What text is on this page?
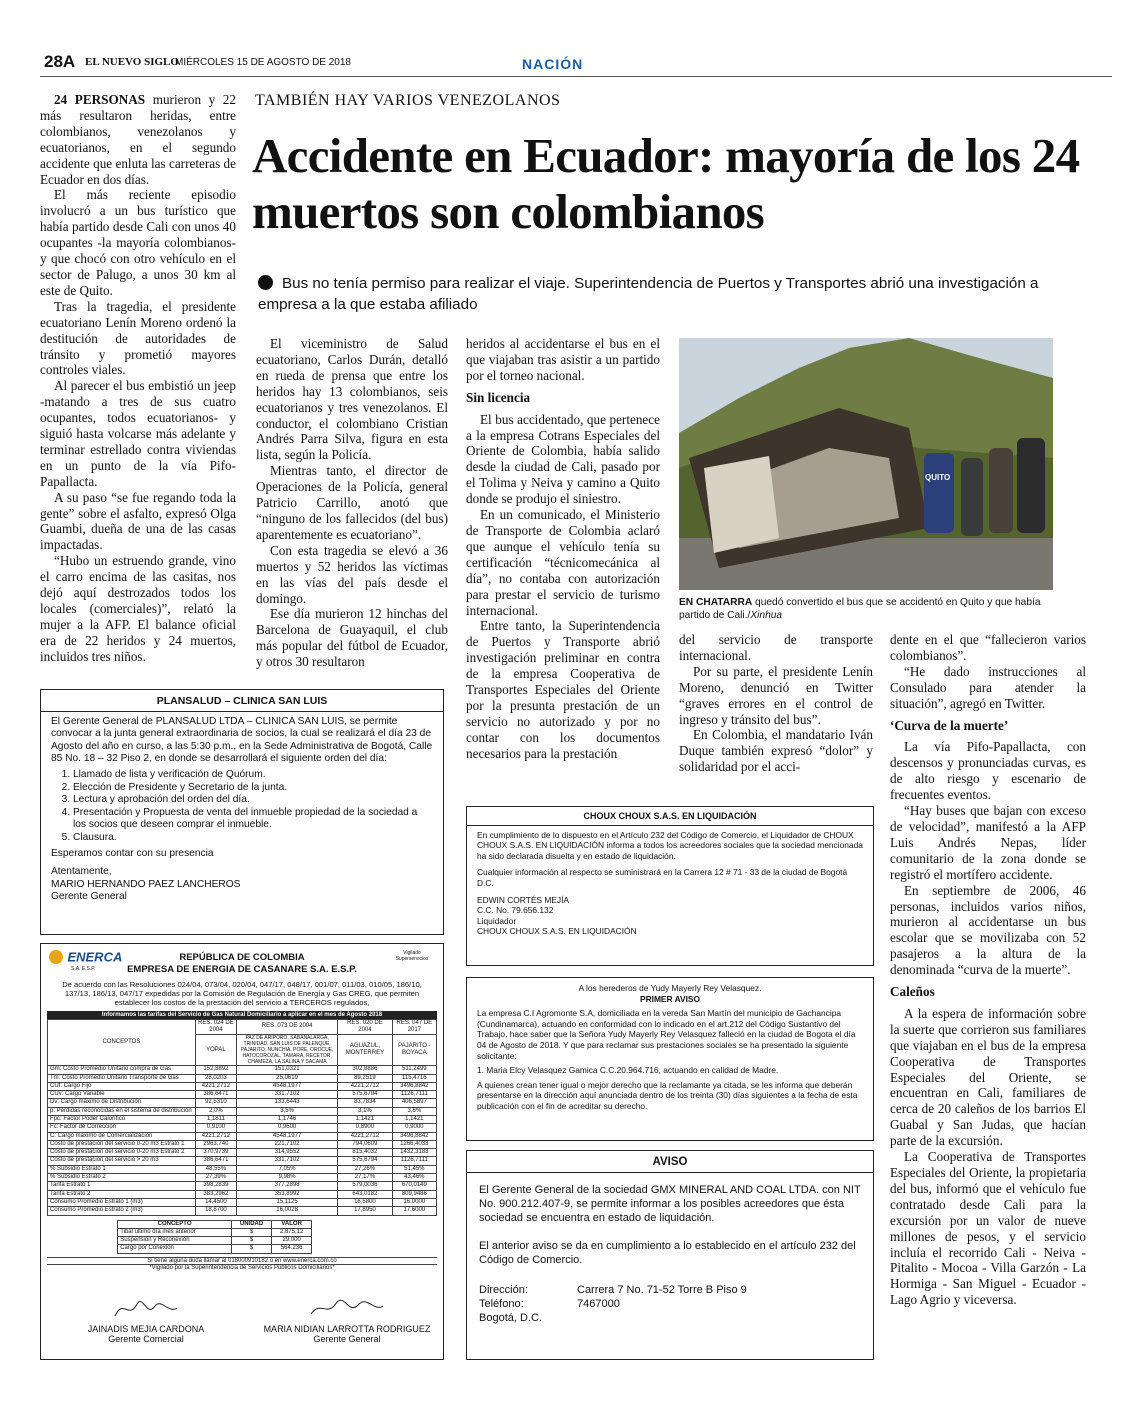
28A EL NUEVO SIGLO
MIÉRCOLES 15 DE AGOSTO DE 2018	NACIÓN
TAMBIÉN HAY VARIOS VENEZOLANOS
Accidente en Ecuador: mayoría de los 24 muertos son colombianos
Bus no tenía permiso para realizar el viaje. Superintendencia de Puertos y Transportes abrió una investigación a empresa a la que estaba afiliado

24 PERSONAS murieron y 22 más resultaron heridas, entre colombianos, venezolanos y ecuatorianos, en el segundo accidente que enluta las carreteras de Ecuador en dos días.

El más reciente episodio involucró a un bus turístico que había partido desde Cali con unos 40 ocupantes -la mayoría colombianos- y que chocó con otro vehículo en el sector de Palugo, a unos 30 km al este de Quito.

Tras la tragedia, el presidente ecuatoriano Lenín Moreno ordenó la destitución de autoridades de tránsito y prometió mayores controles viales.

Al parecer el bus embistió un jeep -matando a tres de sus cuatro ocupantes, todos ecuatorianos- y siguió hasta volcarse más adelante y terminar estrellado contra viviendas en un punto de la vía Pifo-Papallacta.

A su paso “se fue regando toda la gente” sobre el asfalto, expresó Olga Guambi, dueña de una de las casas impactadas.

“Hubo un estruendo grande, vino el carro encima de las casitas, nos dejó aquí destrozados todos los locales (comerciales)”, relató la mujer a la AFP. El balance oficial era de 22 heridos y 24 muertos, incluidos tres niños.

El viceministro de Salud ecuatoriano, Carlos Durán, detalló en rueda de prensa que entre los heridos hay 13 colombianos, seis ecuatorianos y tres venezolanos. El conductor, el colombiano Cristian Andrés Parra Silva, figura en esta lista, según la Policía.

Mientras tanto, el director de Operaciones de la Policía, general Patricio Carrillo, anotó que “ninguno de los fallecidos (del bus) aparentemente es ecuatoriano”.

Con esta tragedia se elevó a 36 muertos y 52 heridos las víctimas en las vías del país desde el domingo.

Ese día murieron 12 hinchas del Barcelona de Guayaquil, el club más popular del fútbol de Ecuador, y otros 30 resultaron

heridos al accidentarse el bus en el que viajaban tras asistir a un partido por el torneo nacional.

Sin licencia

El bus accidentado, que pertenece a la empresa Cotrans Especiales del Oriente de Colombia, había salido desde la ciudad de Cali, pasado por el Tolima y Neiva y camino a Quito donde se produjo el siniestro.

En un comunicado, el Ministerio de Transporte de Colombia aclaró que aunque el vehículo tenía su certificación “técnicomecánica al día”, no contaba con autorización para prestar el servicio de turismo internacional.

Entre tanto, la Superintendencia de Puertos y Transporte abrió investigación preliminar en contra de la empresa Cooperativa de Transportes Especiales del Oriente por la presunta prestación de un servicio no autorizado y por no contar con los documentos necesarios para la prestación

del servicio de transporte internacional.

Por su parte, el presidente Lenín Moreno, denunció en Twitter “graves errores en el control de ingreso y tránsito del bus”.

En Colombia, el mandatario Iván Duque también expresó “dolor” y solidaridad por el acci-

dente en el que “fallecieron varios colombianos”.

“He dado instrucciones al Consulado para atender la situación”, agregó en Twitter.

‘Curva de la muerte’

La vía Pifo-Papallacta, con descensos y pronunciadas curvas, es de alto riesgo y escenario de frecuentes eventos.

“Hay buses que bajan con exceso de velocidad”, manifestó a la AFP Luis Andrés Nepas, líder comunitario de la zona donde se registró el mortífero accidente.

En septiembre de 2006, 46 personas, incluidos varios niños, murieron al accidentarse un bus escolar que se movilizaba con 52 pasajeros a la altura de la denominada “curva de la muerte”.

Caleños

A la espera de información sobre la suerte que corrieron sus familiares que viajaban en el bus de la empresa Cooperativa de Transportes Especiales del Oriente, se encuentran en Cali, familiares de cerca de 20 caleños de los barrios El Guabal y San Judas, que hacían parte de la excursión.

La Cooperativa de Transportes Especiales del Oriente, la propietaria del bus, informó que el vehículo fue contratado desde Cali para la excursión por un valor de nueve millones de pesos, y el servicio incluía el recorrido Cali - Neiva - Pitalito - Mocoa - Villa Garzón - La Hormiga - San Miguel - Ecuador - Lago Agrio y viceversa.

QUITO
EN CHATARRA quedó convertido el bus que se accidentó en Quito y que había partido de Cali./Xinhua
PLANSALUD – CLINICA SAN LUIS
El Gerente General de PLANSALUD LTDA – CLINICA SAN LUIS, se permite convocar a la junta general extraordinaria de socios, la cual se realizará el día 23 de Agosto del año en curso, a las 5:30 p.m., en la Sede Administrativa de Bogotá, Calle 85 No. 18 – 32 Piso 2, en donde se desarrollará el siguiente orden del día:
1. Llamado de lista y verificación de Quórum.
2. Elección de Presidente y Secretario de la junta.
3. Lectura y aprobación del orden del día.
4. Presentación y Propuesta de venta del inmueble propiedad de la sociedad a los socios que deseen comprar el inmueble.
5. Clausura.
Esperamos contar con su presencia
Atentamente,
MARIO HERNANDO PAEZ LANCHEROS
Gerente General
ENERCA
S.A. E.S.P.
Vigilado Superservicios
REPÚBLICA DE COLOMBIA
EMPRESA DE ENERGIA DE CASANARE S.A. E.S.P.
De acuerdo con las Resoluciones 024/04, 073/04, 020/04, 047/17, 048/17, 001/07, 011/03, 010/05, 186/10, 137/13, 186/13, 047/17 expedidas por la Comisión de Regulación de Energía y Gas CREG, que permiten establecer los costos de la prestación del servicio a TERCEROS regulados,
Informamos las tarifas del Servicio de Gas Natural Domiciliario a aplicar en el mes de Agosto 2018
CONCEPTOS	RES. 024 DE 2004	RES. 073 DE 2004	RES. 020 DE 2004	RES. 047 DE 2017
	YOPAL	PAZ DE ARIPORO, SABANALARGA, TRINIDAD, SAN LUIS DE PALENQUE, PAJARITO, NUNCHIA, PORE, OROCUE, HATOCOROZAL, TAMARA, RECETOR, CHAMEZA, LA SALINA Y SACAMA	AGUAZUL, MONTERREY	PAJARITO - BOYACA
Gm: Costo Promedio Unitario compra de Gas	152,8892	151,0321	302,8886	511,2499
Tm: Costo Promedio Unitario Transporte de Gas	28,0203	25,0619	89,2519	115,4716
CUf: Cargo Fijo	4221,2712	4548,1977	4221,2712	3496,8842
CUv: Cargo Variable	386,6471	331,7102	575,6794	1126,7111
Dv: Cargo máximo de Distribución	92,5310	133,6443	83,7834	406,5897
p: Pérdidas reconocidas en el sistema de distribución	2,0%	3,5%	3,1%	3,6%
Fpc: Factor Poder Calorífico	1,1811	1,1746	1,1421	1,1421
Fc: Factor de Corrección	0,9100	0,9600	0,8900	0,9000
C: Cargo máximo de Comercialización	4221,2712	4548,1977	4221,2712	3496,8842
Costo de prestación del servicio 0-20 m3 Estrato 1	2963,740	221,7102	794,0609	1266,4033
Costo de prestación del servicio 0-20 m3 Estrato 2	370,9739	314,9552	815,4032	1432,3183
Costo de prestación del servicio > 20 m3	386,6471	331,7102	575,6794	1126,7111
% Subsidio Estrato 1	48,55%	7,05%	27,26%	51,45%
% Subsidio Estrato 2	27,39%	9,98%	27,17%	43,46%
Tarifa Estrato 1	398,2839	377,2898	579,0036	670,0149
Tarifa Estrato 2	383,2962	353,8992	643,0182	809,9486
Consumo Promedio Estrato 1 (m3)	14,4500	15,1125	16,5800	16,0000
Consumo Promedio Estrato 2 (m3)	18,8700	16,0028	17,8950	17,6000
CONCEPTO	UNIDAD	VALOR
Tibal último día mes anterior	$	2.875,12
Suspensión y Reconexión	$	29.000
Cargo por Conexión	$	564.236
Si tiene alguna duda llámar al 018000910182 o en www.enerca.com.co
*Vigilado por la Superintendencia de Servicios Públicos Domiciliarios*
JAINADIS MEJIA CARDONA
Gerente Comercial
MARIA NIDIAN LARROTTA RODRIGUEZ
Gerente General
CHOUX CHOUX S.A.S. EN LIQUIDACIÓN
En cumplimiento de lo dispuesto en el Artículo 232 del Código de Comercio, el Liquidador de CHOUX CHOUX S.A.S. EN LIQUIDACIÓN informa a todos los acreedores sociales que la sociedad mencionada ha sido declarada disuelta y en estado de liquidación.
Cualquier información al respecto se suministrará en la Carrera 12 # 71 - 33 de la ciudad de Bogotá D.C.
EDWIN CORTÉS MEJÍA
C.C. No. 79.656.132
Liquidador
CHOUX CHOUX S.A.S. EN LIQUIDACIÓN
A los herederos de Yudy Mayerly Rey Velasquez.
PRIMER AVISO
La empresa C.I Agromonte S.A, domiciliada en la vereda San Martín del municipio de Gachancipa (Cundinamarca), actuando en conformidad con lo indicado en el art.212 del Código Sustantivo del Trabajo, hace saber que la Señora Yudy Mayerly Rey Velasquez falleció en la ciudad de Bogota el día 04 de Agosto de 2018. Y que para reclamar sus prestaciones sociales se ha presentado la siguiente solicitante:
1. Maria Elcy Velasquez Gamica C.C.20.964.716, actuando en calidad de Madre.
A quienes crean tener igual o mejor derecho que la reclamante ya citada, se les informa que deberán presentarse en la dirección aquí anunciada dentro de los treinta (30) días siguientes a la fecha de esta publicación con el fin de acreditar su derecho.
AVISO
El Gerente General de la sociedad GMX MINERAL AND COAL LTDA. con NIT No. 900.212.407-9, se permite informar a los posibles acreedores que ésta sociedad se encuentra en estado de liquidación.
El anterior aviso se da en cumplimiento a lo establecido en el artículo 232 del Código de Comercio.
Dirección:	Carrera 7 No. 71-52 Torre B Piso 9
Teléfono:	7467000
Bogotá, D.C.
